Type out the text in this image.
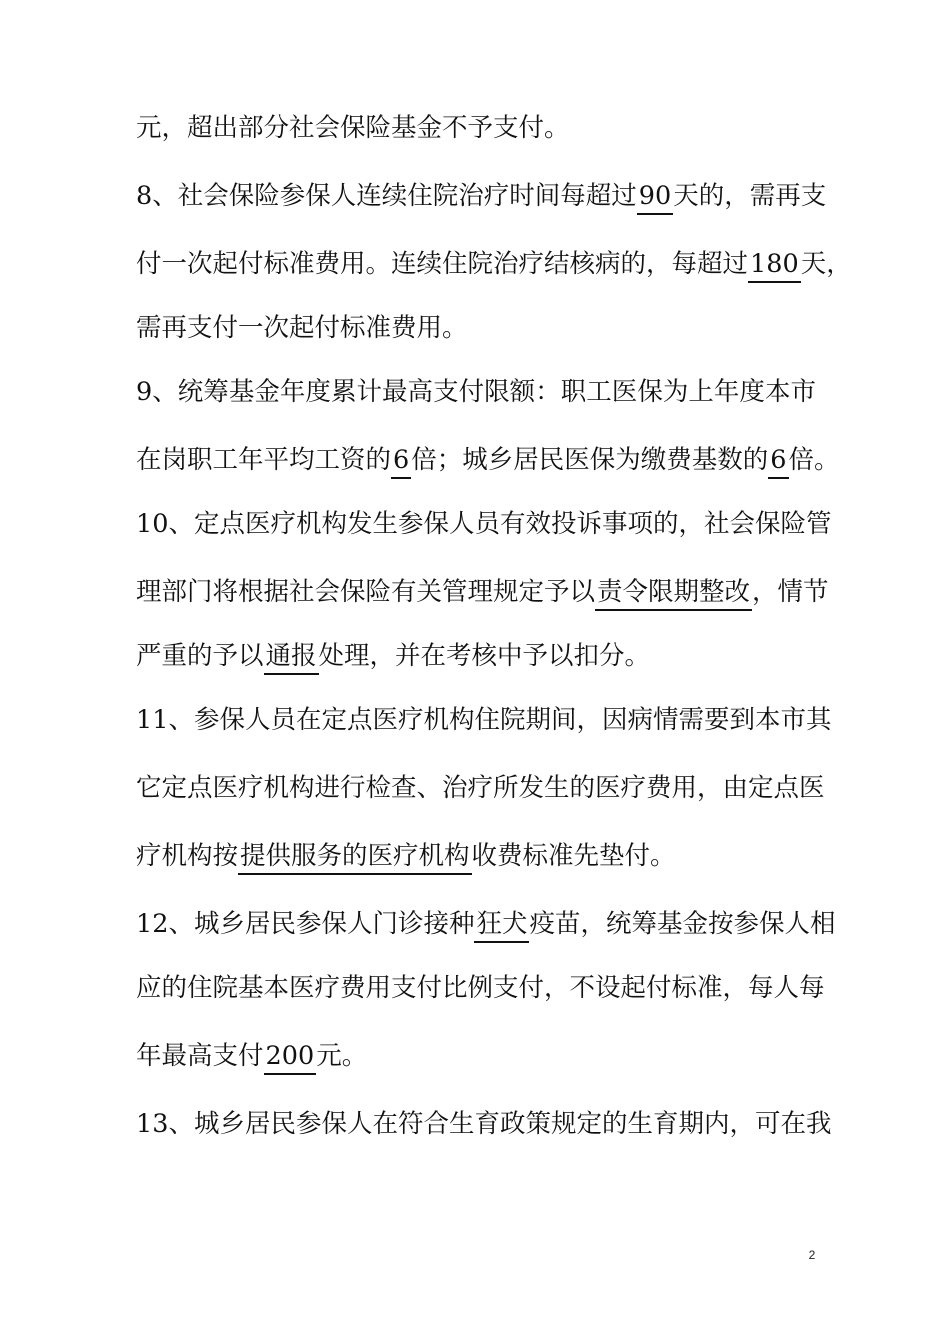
元，超出部分社会保险基金不予支付。
8、社会保险参保人连续住院治疗时间每超过90天的，需再支
付一次起付标准费用。连续住院治疗结核病的，每超过180天，
需再支付一次起付标准费用。
9、统筹基金年度累计最高支付限额：职工医保为上年度本市
在岗职工年平均工资的6倍；城乡居民医保为缴费基数的6倍。
10、定点医疗机构发生参保人员有效投诉事项的，社会保险管
理部门将根据社会保险有关管理规定予以责令限期整改，情节
严重的予以通报处理，并在考核中予以扣分。
11、参保人员在定点医疗机构住院期间，因病情需要到本市其
它定点医疗机构进行检查、治疗所发生的医疗费用，由定点医
疗机构按提供服务的医疗机构收费标准先垫付。
12、城乡居民参保人门诊接种狂犬疫苗，统筹基金按参保人相
应的住院基本医疗费用支付比例支付，不设起付标准，每人每
年最高支付200元。
13、城乡居民参保人在符合生育政策规定的生育期内，可在我
2
